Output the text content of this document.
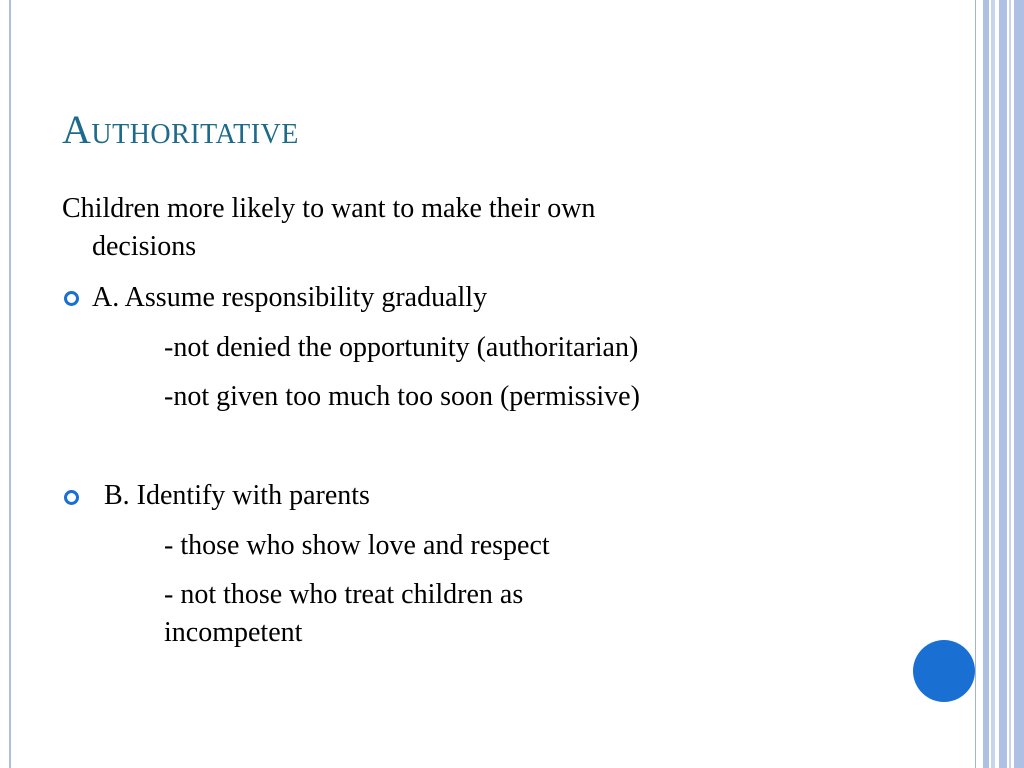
Authoritative
Children more likely to want to make their own
decisions
A. Assume responsibility gradually
-not denied the opportunity (authoritarian)
-not given too much too soon (permissive)
B. Identify with parents
- those who show love and respect
- not those who treat children as
incompetent
